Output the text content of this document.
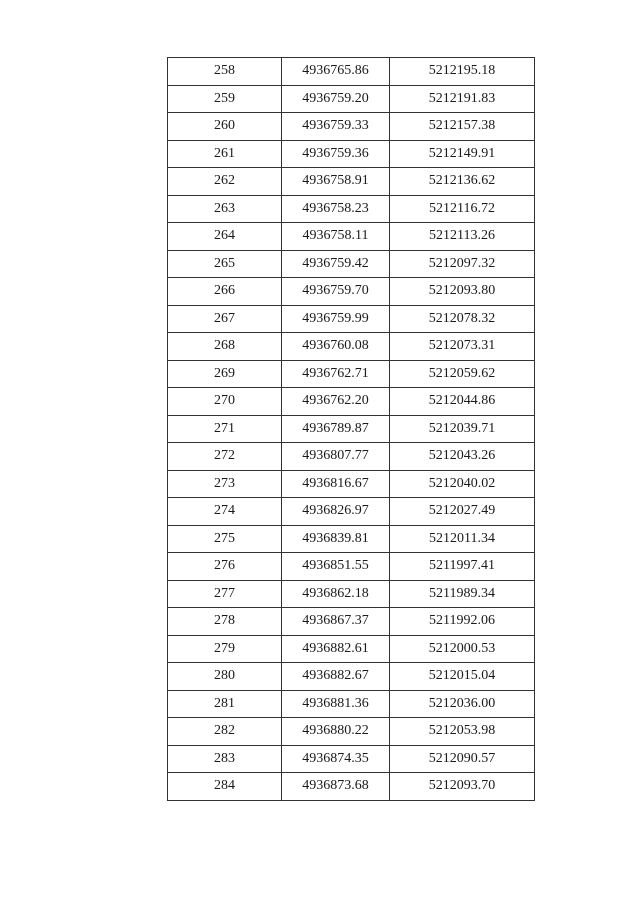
258	4936765.86	5212195.18
259	4936759.20	5212191.83
260	4936759.33	5212157.38
261	4936759.36	5212149.91
262	4936758.91	5212136.62
263	4936758.23	5212116.72
264	4936758.11	5212113.26
265	4936759.42	5212097.32
266	4936759.70	5212093.80
267	4936759.99	5212078.32
268	4936760.08	5212073.31
269	4936762.71	5212059.62
270	4936762.20	5212044.86
271	4936789.87	5212039.71
272	4936807.77	5212043.26
273	4936816.67	5212040.02
274	4936826.97	5212027.49
275	4936839.81	5212011.34
276	4936851.55	5211997.41
277	4936862.18	5211989.34
278	4936867.37	5211992.06
279	4936882.61	5212000.53
280	4936882.67	5212015.04
281	4936881.36	5212036.00
282	4936880.22	5212053.98
283	4936874.35	5212090.57
284	4936873.68	5212093.70
